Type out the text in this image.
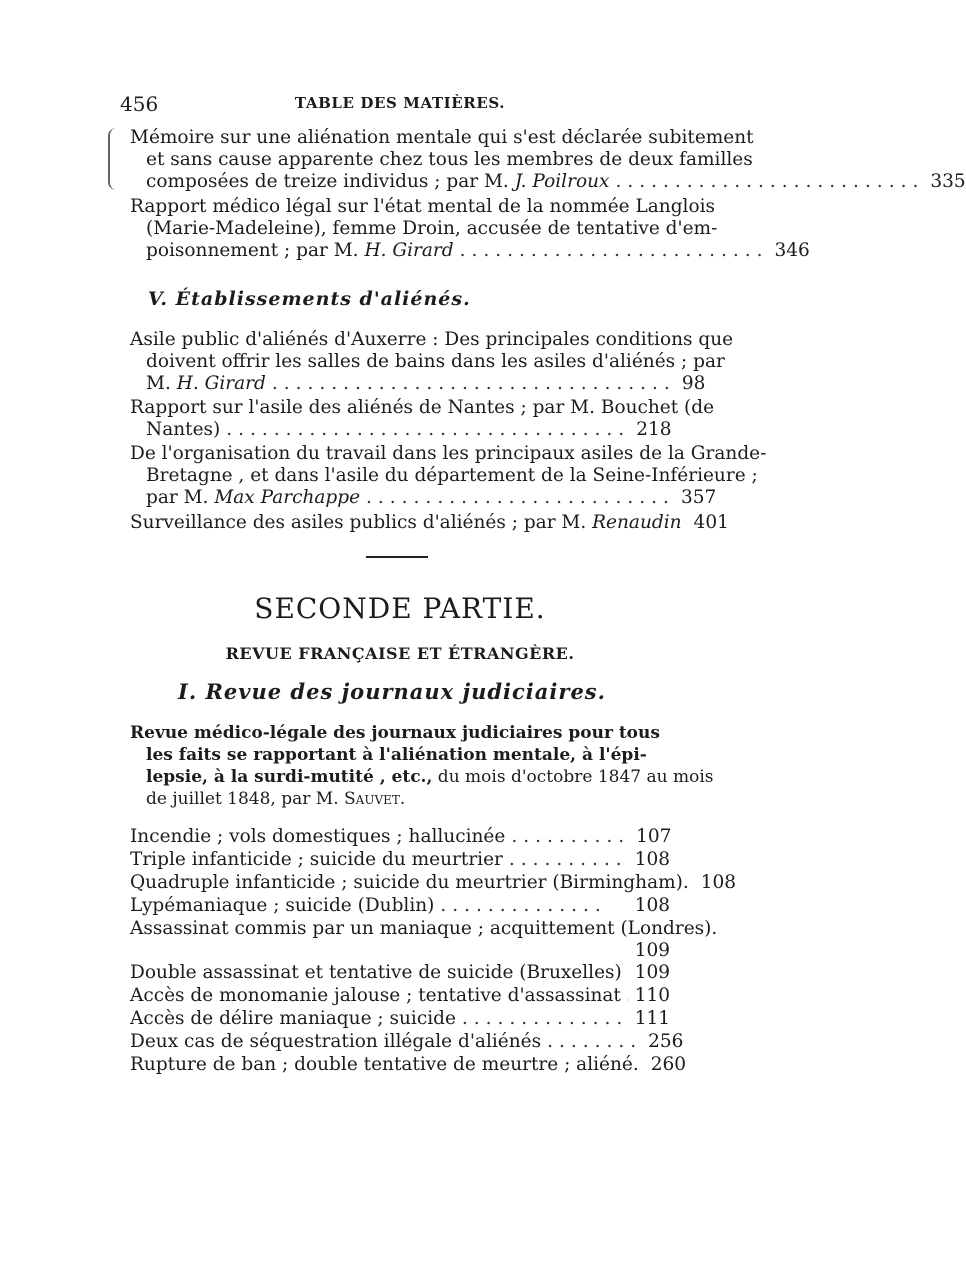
456	TABLE DES MATIÈRES.
Mémoire sur une aliénation mentale qui s'est déclarée subitement
et sans cause apparente chez tous les membres de deux familles
composées de treize individus ; par M. J. Poilroux .......................... 335
Rapport médico légal sur l'état mental de la nommée Langlois
(Marie-Madeleine), femme Droin, accusée de tentative d'em-
poisonnement ; par M. H. Girard .......................... 346
V. Établissements d'aliénés.
Asile public d'aliénés d'Auxerre : Des principales conditions que
doivent offrir les salles de bains dans les asiles d'aliénés ; par
M. H. Girard .................................. 98
Rapport sur l'asile des aliénés de Nantes ; par M. Bouchet (de
Nantes) .................................. 218
De l'organisation du travail dans les principaux asiles de la Grande-
Bretagne , et dans l'asile du département de la Seine-Inférieure ;
par M. Max Parchappe .......................... 357
Surveillance des asiles publics d'aliénés ; par M. Renaudin 401
SECONDE PARTIE.
REVUE FRANÇAISE ET ÉTRANGÈRE.
I. Revue des journaux judiciaires.
Revue médico-légale des journaux judiciaires pour tous
les faits se rapportant à l'aliénation mentale, à l'épi-
lepsie, à la surdi-mutité , etc., du mois d'octobre 1847 au mois
de juillet 1848, par M. Sauvet.
Incendie ; vols domestiques ; hallucinée .......... 107
Triple infanticide ; suicide du meurtrier .......... 108
Quadruple infanticide ; suicide du meurtrier (Birmingham). 108
Lypémaniaque ; suicide (Dublin) ..............	108
Assassinat commis par un maniaque ; acquittement (Londres).
109
Double assassinat et tentative de suicide (Bruxelles) 109
Accès de monomanie jalouse ; tentative d'assassinat 110
Accès de délire maniaque ; suicide .............. 111
Deux cas de séquestration illégale d'aliénés ........ 256
Rupture de ban ; double tentative de meurtre ; aliéné. 260
